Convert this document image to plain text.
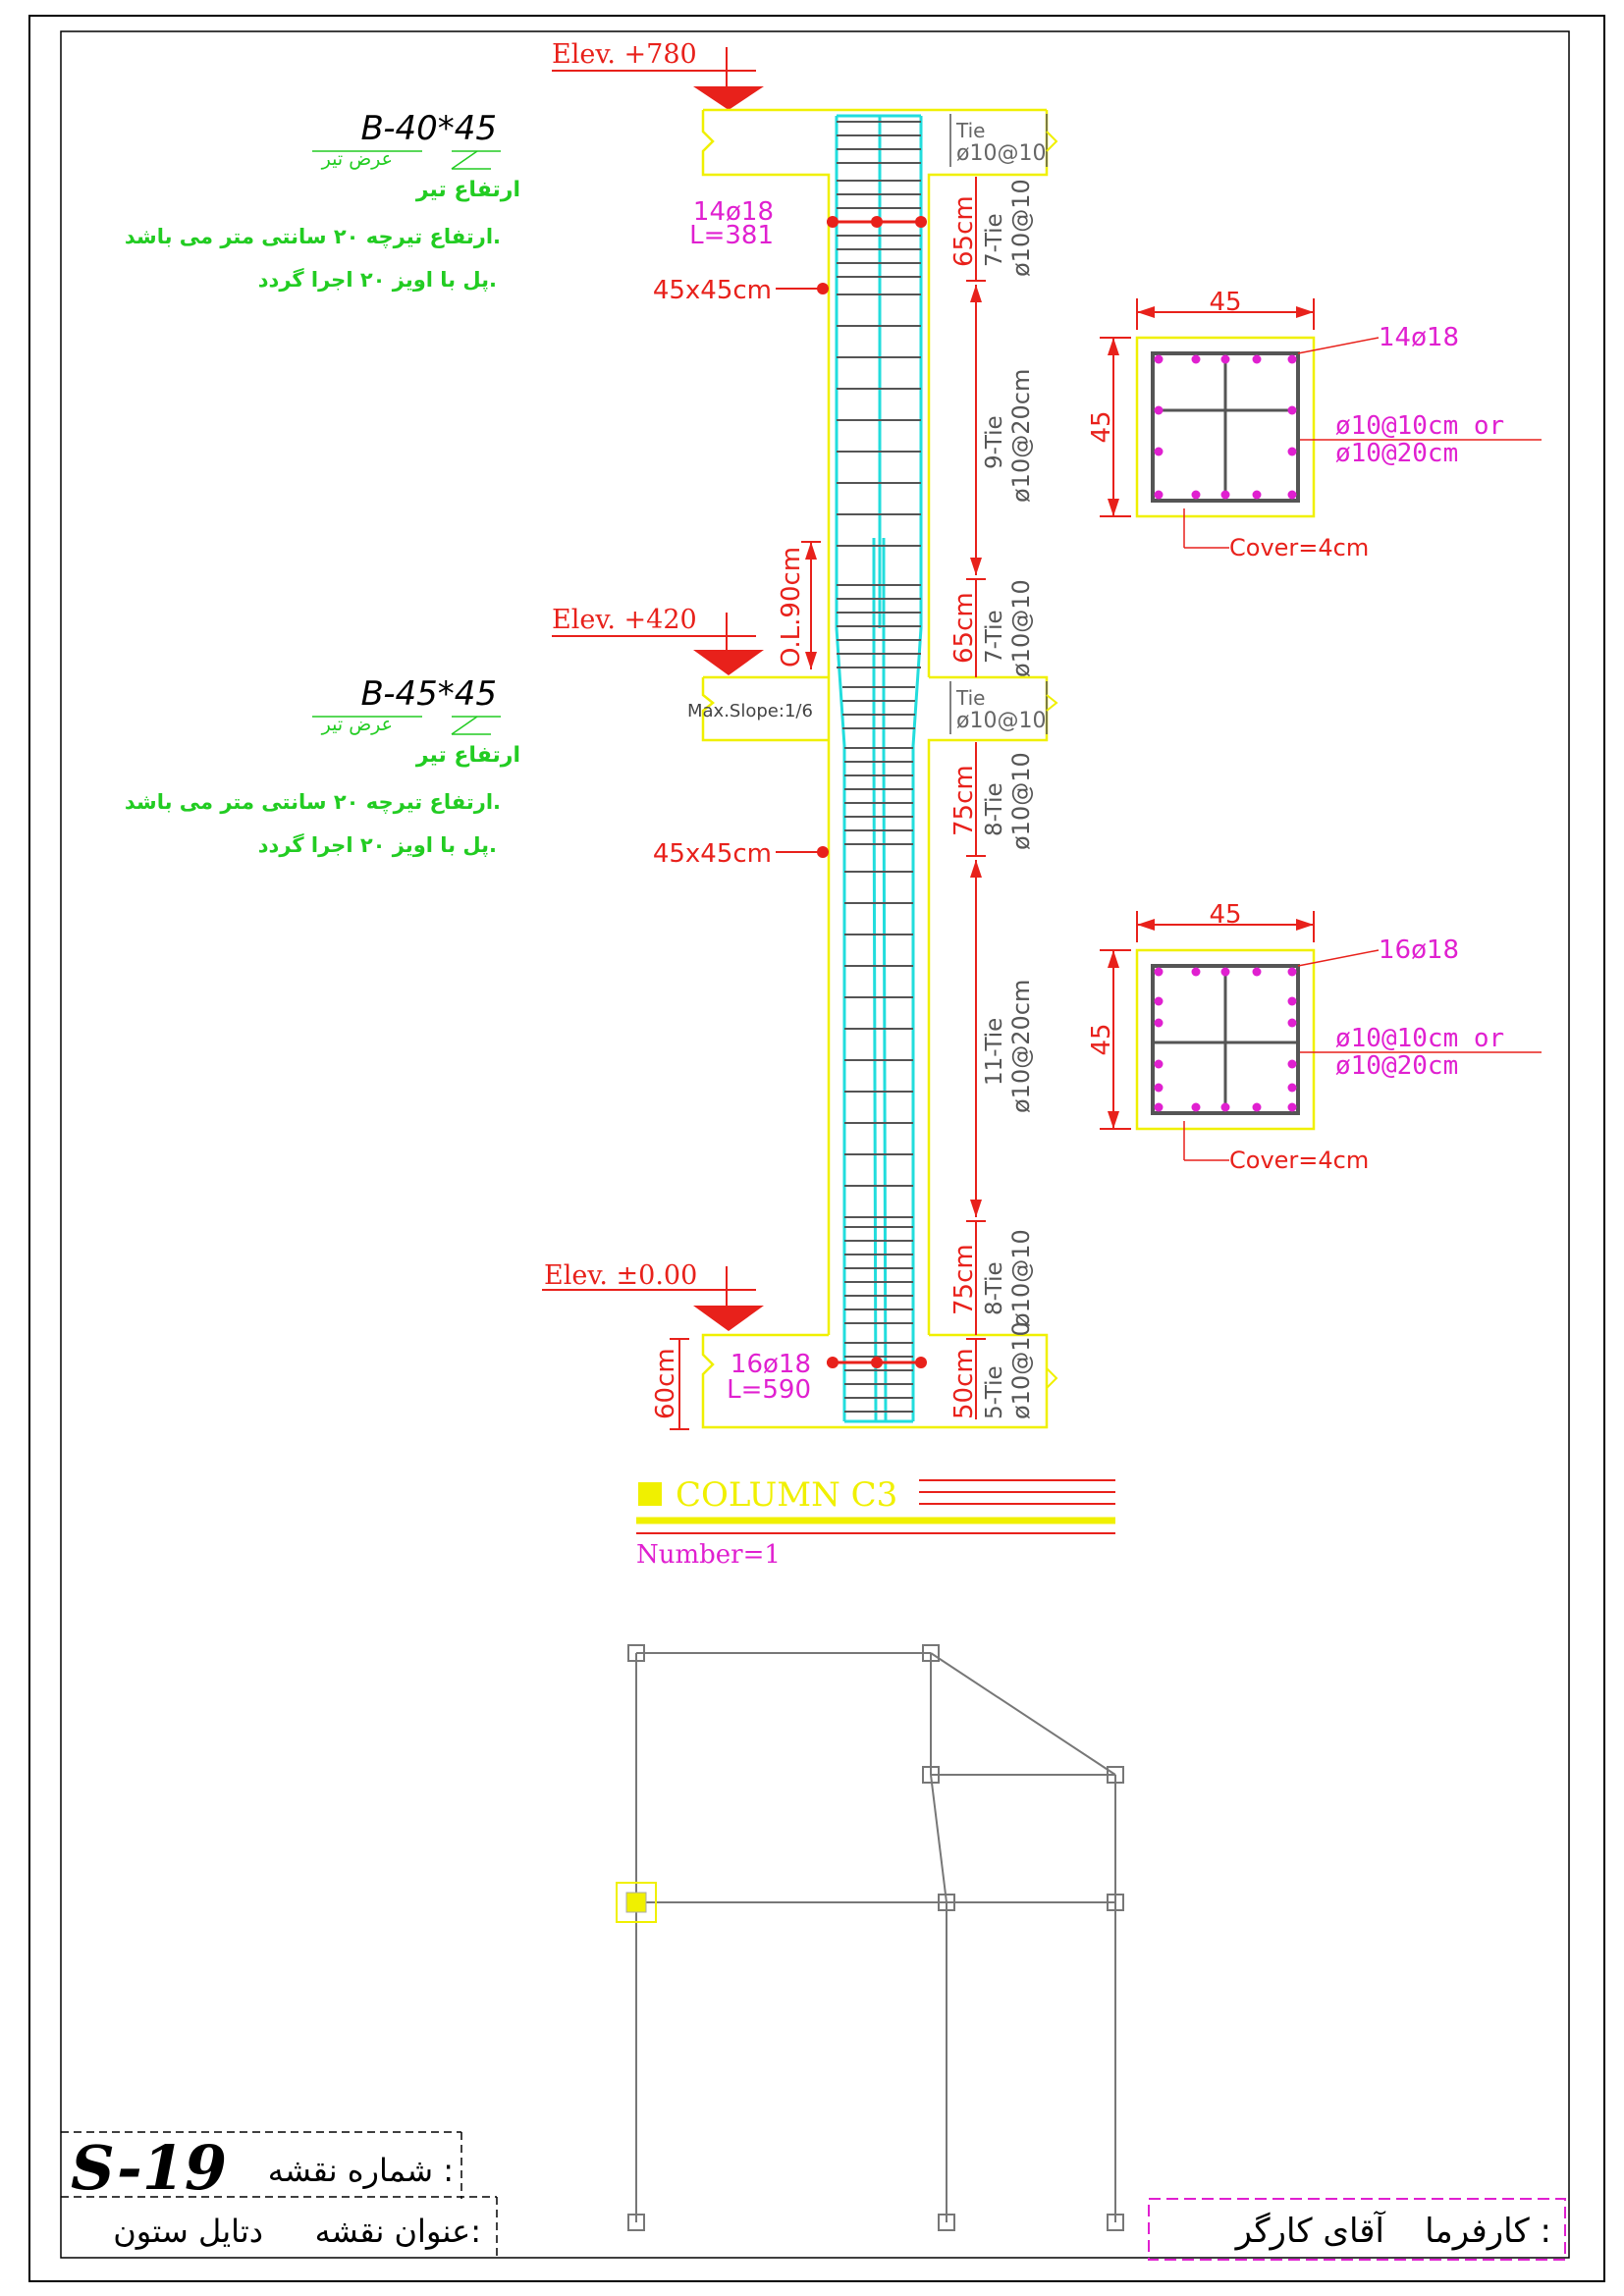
Elev. +780
Elev. +420
Elev. ±0.00
B-40*45
عرض تیر
ارتفاع تیر
ارتفاع تیرچه ۲۰ سانتی متر می باشد.
پل با اویز ۲۰ اجرا گردد.
B-45*45
عرض تیر
ارتفاع تیر
ارتفاع تیرچه ۲۰ سانتی متر می باشد.
پل با اویز ۲۰ اجرا گردد.
14ø18
L=381
16ø18
L=590
45x45cm
45x45cm
O.L.90cm
Max.Slope:1/6
60cm
Tie
ø10@10
Tie
ø10@10
65cm 7-Tie ø10@10
9-Tie ø10@20cm
65cm 7-Tie ø10@10
75cm 8-Tie ø10@10
11-Tie ø10@20cm
75cm 8-Tie ø10@10
50cm 5-Tie ø10@10
45
45
14ø18
ø10@10cm or
ø10@20cm
Cover=4cm
45
45
16ø18
ø10@10cm or
ø10@20cm
Cover=4cm
COLUMN C3
Number=1
S-19 شماره نقشه :
عنوان نقشه:
دتایل ستون	کارفرما :
آقای کارگر
